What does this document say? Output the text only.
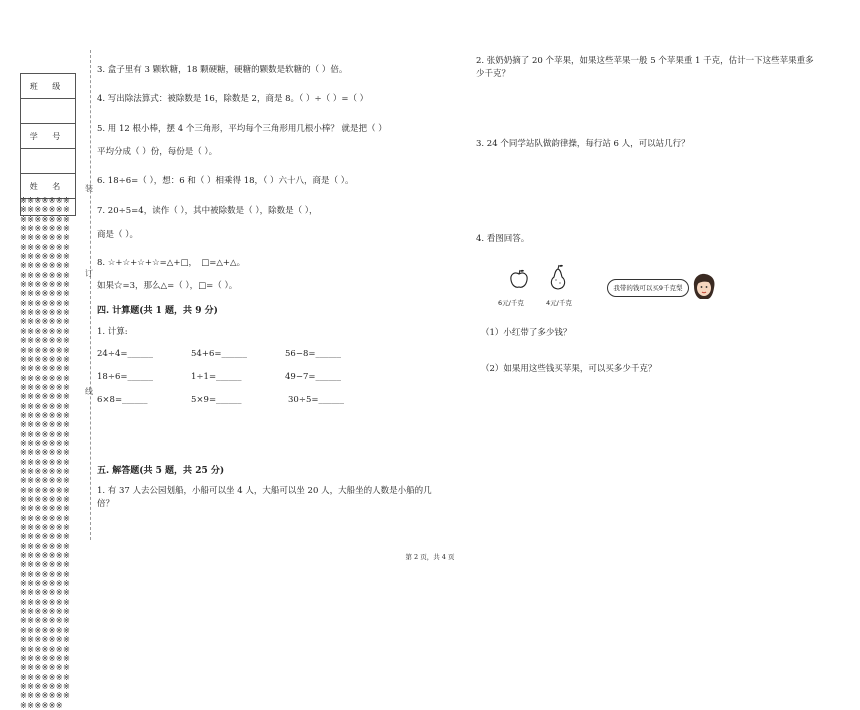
班 级

学 号

姓 名

※※※※※※※※※※※※※※※※※※※※※※※※※※※※※※※※※※※※※※※※※※※※※※※※※※※※※※※※※※※※※※※※※※※※※※※※※※※※※※※※※※※※※※※※※※※※※※※※※※※※※※※※※※※※※※※※※※※※※※※※※※※※※※※※※※※※※※※※※※※※※※※※※※※※※※※※※※※※※※※※※※※※※※※※※※※※※※※※※※※※※※※※※※※※※※※※※※※※※※※※※※※※※※※※※※※※※※※※※※※※※※※※※※※※※※※※※※※※※※※※※※※※※※※※※※※※※※※※※※※※※※※※※※※※※※※※※※※※※※※※※※※※※※※※※※※※※※※※※※※※※※※※※※※※※※※※※※※※※※※※※※※※※※※※※※※※※※※※※※※※※※※※※※※※※※※※※※※※※※※※※※※※※※※※※※※※※※※※※※※※※※※※
装
订
线
3. 盒子里有 3 颗软糖，18 颗硬糖，硬糖的颗数是软糖的（ ）倍。
4. 写出除法算式：被除数是 16，除数是 2，商是 8。（ ）÷（ ）=（ ）
5. 用 12 根小棒，摆 4 个三角形，平均每个三角形用几根小棒？ 就是把（ ）
平均分成（ ）份，每份是（ ）。
6. 18÷6=（ ），想：6 和（ ）相乘得 18，（ ）六十八，商是（ ）。
7. 20÷5=4，读作（ ），其中被除数是（ ），除数是（ ），
商是（ ）。
8. ☆+☆+☆+☆=△+□，　□=△+△。
如果☆=3，那么△=（ ），□=（ ）。
四. 计算题(共 1 题，共 9 分)
1. 计算:
24÷4=______	54+6=______	56−8=______
18÷6=______	1÷1=______	49−7=______
6×8=______	5×9=______	30÷5=______
五. 解答题(共 5 题，共 25 分)
1. 有 37 人去公园划船，小船可以坐 4 人，大船可以坐 20 人，大船坐的人数是小船的几倍？
2. 张奶奶摘了 20 个苹果，如果这些苹果一般 5 个苹果重 1 千克，估计一下这些苹果重多少千克？
3. 24 个同学站队做韵律操，每行站 6 人，可以站几行？
4. 看图回答。
6元/千克	4元/千克
我带的钱可以买9千克梨
（1）小红带了多少钱？
（2）如果用这些钱买苹果，可以买多少千克？
第 2 页，共 4 页
